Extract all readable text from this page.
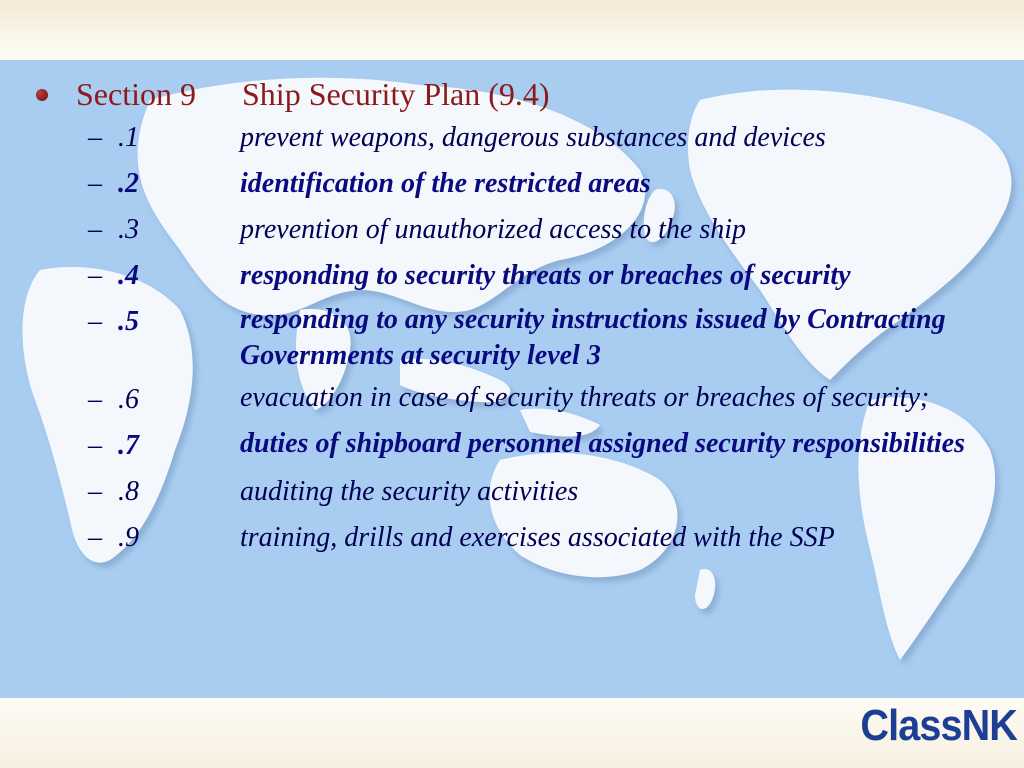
Section 9	Ship Security Plan (9.4)
– .1	prevent weapons, dangerous substances and devices
– .2	identification of the restricted areas
– .3	prevention of unauthorized access to the ship
– .4	responding to security threats or breaches of security
– .5	responding to any security instructions issued by Contracting Governments at security level 3
– .6	evacuation in case of security threats or breaches of security;
– .7	duties of shipboard personnel assigned security responsibilities
– .8	auditing the security activities
– .9	training, drills and exercises associated with the SSP
ClassNK
